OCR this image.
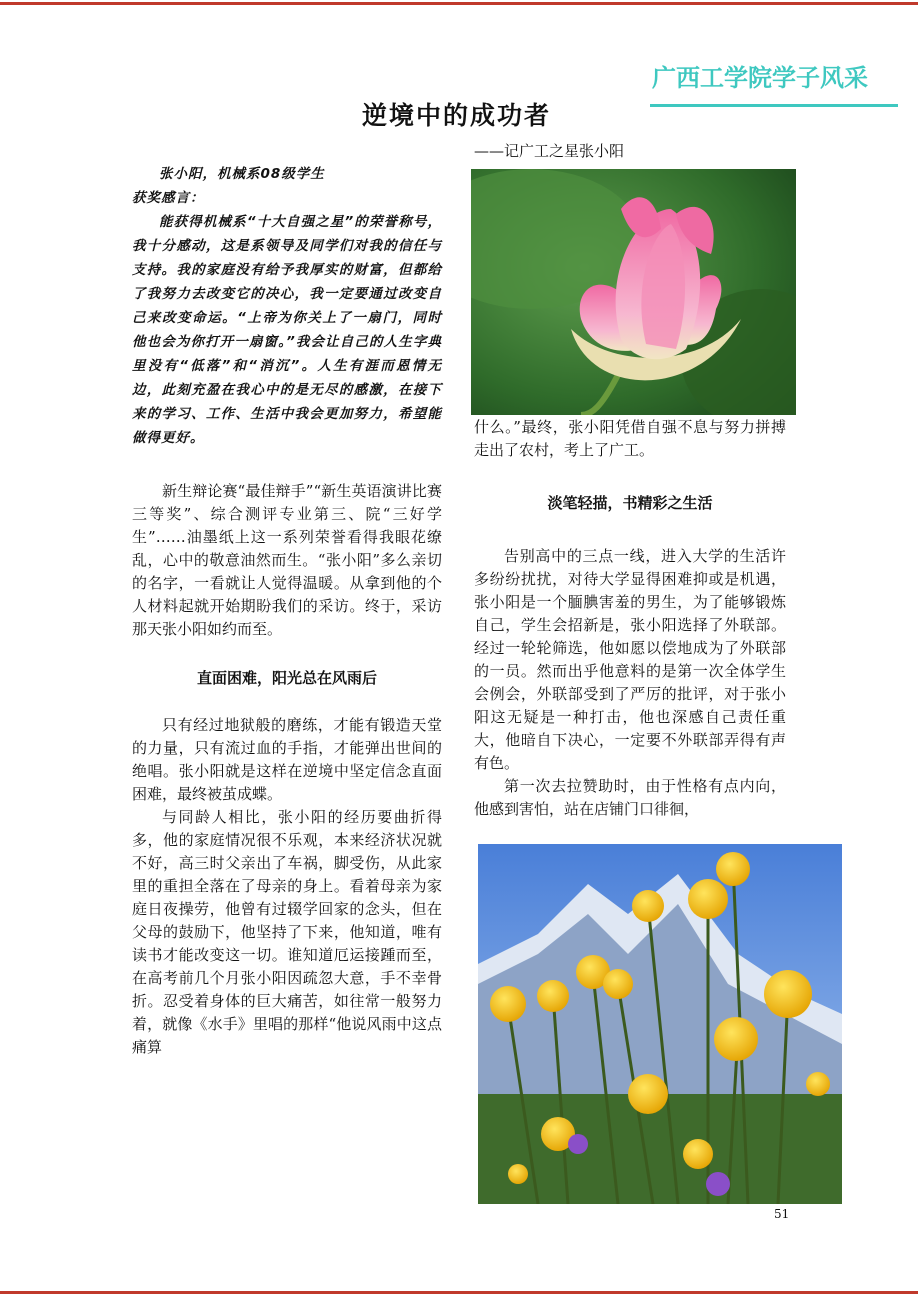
广西工学院学子风采
逆境中的成功者
——记广工之星张小阳

张小阳，机械系08级学生

获奖感言：

能获得机械系“十大自强之星”的荣誉称号，我十分感动，这是系领导及同学们对我的信任与支持。我的家庭没有给予我厚实的财富，但都给了我努力去改变它的决心，我一定要通过改变自己来改变命运。“上帝为你关上了一扇门，同时他也会为你打开一扇窗。”我会让自己的人生字典里没有“低落”和“消沉”。人生有涯而恩情无边，此刻充盈在我心中的是无尽的感激，在接下来的学习、工作、生活中我会更加努力，希望能做得更好。

新生辩论赛“最佳辩手”“新生英语演讲比赛三等奖”、综合测评专业第三、院“三好学生”……油墨纸上这一系列荣誉看得我眼花缭乱，心中的敬意油然而生。“张小阳”多么亲切的名字，一看就让人觉得温暖。从拿到他的个人材料起就开始期盼我们的采访。终于，采访那天张小阳如约而至。

直面困难，阳光总在风雨后

只有经过地狱般的磨练，才能有锻造天堂的力量，只有流过血的手指，才能弹出世间的绝唱。张小阳就是这样在逆境中坚定信念直面困难，最终被茧成蝶。

与同龄人相比，张小阳的经历要曲折得多，他的家庭情况很不乐观，本来经济状况就不好，高三时父亲出了车祸，脚受伤，从此家里的重担全落在了母亲的身上。看着母亲为家庭日夜操劳，他曾有过辍学回家的念头，但在父母的鼓励下，他坚持了下来，他知道，唯有读书才能改变这一切。谁知道厄运接踵而至，在高考前几个月张小阳因疏忽大意，手不幸骨折。忍受着身体的巨大痛苦，如往常一般努力着，就像《水手》里唱的那样“他说风雨中这点痛算

什么。”最终，张小阳凭借自强不息与努力拼搏走出了农村，考上了广工。

淡笔轻描，书精彩之生活

告别高中的三点一线，进入大学的生活许多纷纷扰扰，对待大学显得困难抑或是机遇，张小阳是一个腼腆害羞的男生，为了能够锻炼自己，学生会招新是，张小阳选择了外联部。经过一轮轮筛选，他如愿以偿地成为了外联部的一员。然而出乎他意料的是第一次全体学生会例会，外联部受到了严厉的批评，对于张小阳这无疑是一种打击，他也深感自己责任重大，他暗自下决心，一定要不外联部弄得有声有色。

第一次去拉赞助时，由于性格有点内向，他感到害怕，站在店铺门口徘徊，

51
